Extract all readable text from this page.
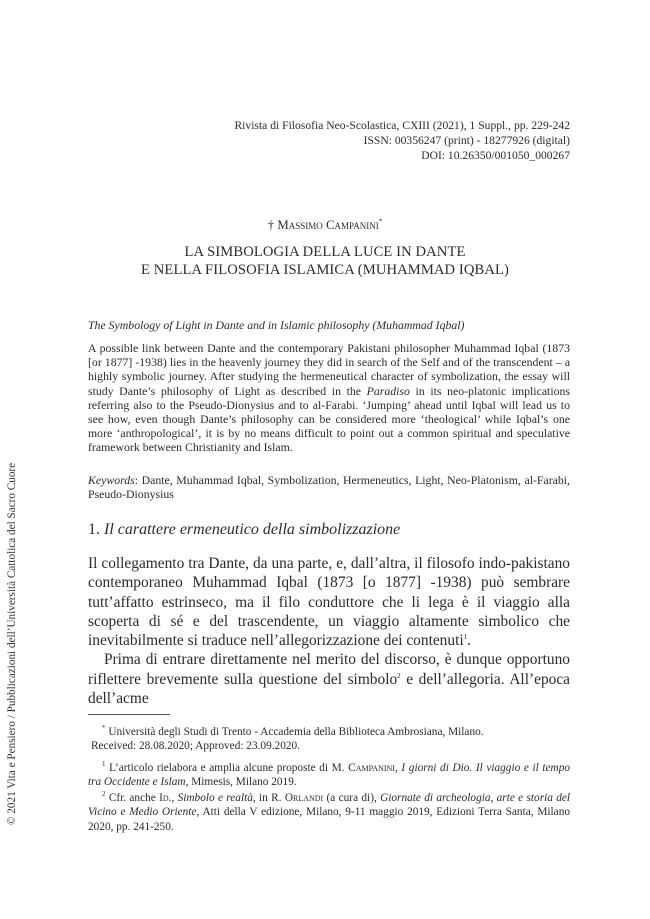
Rivista di Filosofia Neo-Scolastica, CXIII (2021), 1 Suppl., pp. 229-242
ISSN: 00356247 (print) - 18277926 (digital)
DOI: 10.26350/001050_000267
† Massimo Campanini*
LA SIMBOLOGIA DELLA LUCE IN DANTE
E NELLA FILOSOFIA ISLAMICA (MUHAMMAD IQBAL)
The Symbology of Light in Dante and in Islamic philosophy (Muhammad Iqbal)

A possible link between Dante and the contemporary Pakistani philosopher Muhammad Iqbal (1873 [or 1877] -1938) lies in the heavenly journey they did in search of the Self and of the transcendent – a highly symbolic journey. After studying the hermeneutical character of symbolization, the essay will study Dante’s philosophy of Light as described in the Paradiso in its neo-platonic implications referring also to the Pseudo-Dionysius and to al-Farabi. ‘Jumping’ ahead until Iqbal will lead us to see how, even though Dante’s philosophy can be considered more ‘theological’ while Iqbal’s one more ‘anthropological’, it is by no means difficult to point out a common spiritual and speculative framework between Christianity and Islam.

Keywords: Dante, Muhammad Iqbal, Symbolization, Hermeneutics, Light, Neo-Platonism, al-Farabi, Pseudo-Dionysius
1. Il carattere ermeneutico della simbolizzazione

Il collegamento tra Dante, da una parte, e, dall’altra, il filosofo indo-pakistano contemporaneo Muhammad Iqbal (1873 [o 1877] -1938) può sembrare tutt’affatto estrinseco, ma il filo conduttore che li lega è il viaggio alla scoperta di sé e del trascendente, un viaggio altamente simbolico che inevitabilmente si traduce nell’allegorizzazione dei contenuti$^1$.

Prima di entrare direttamente nel merito del discorso, è dunque opportuno riflettere brevemente sulla questione del simbolo$^2$ e dell’allegoria. All’epoca dell’acme

* Università degli Studi di Trento - Accademia della Biblioteca Ambrosiana, Milano.
Received: 28.08.2020; Approved: 23.09.2020.

$^1$ L’articolo rielabora e amplia alcune proposte di M. Campanini, I giorni di Dio. Il viaggio e il tempo tra Occidente e Islam, Mimesis, Milano 2019.

$^2$ Cfr. anche Id., Simbolo e realtà, in R. Orlandi (a cura di), Giornate di archeologia, arte e storia del Vicino e Medio Oriente, Atti della V edizione, Milano, 9-11 maggio 2019, Edizioni Terra Santa, Milano 2020, pp. 241-250.

© 2021 Vita e Pensiero / Pubblicazioni dell’Università Cattolica del Sacro Cuore
